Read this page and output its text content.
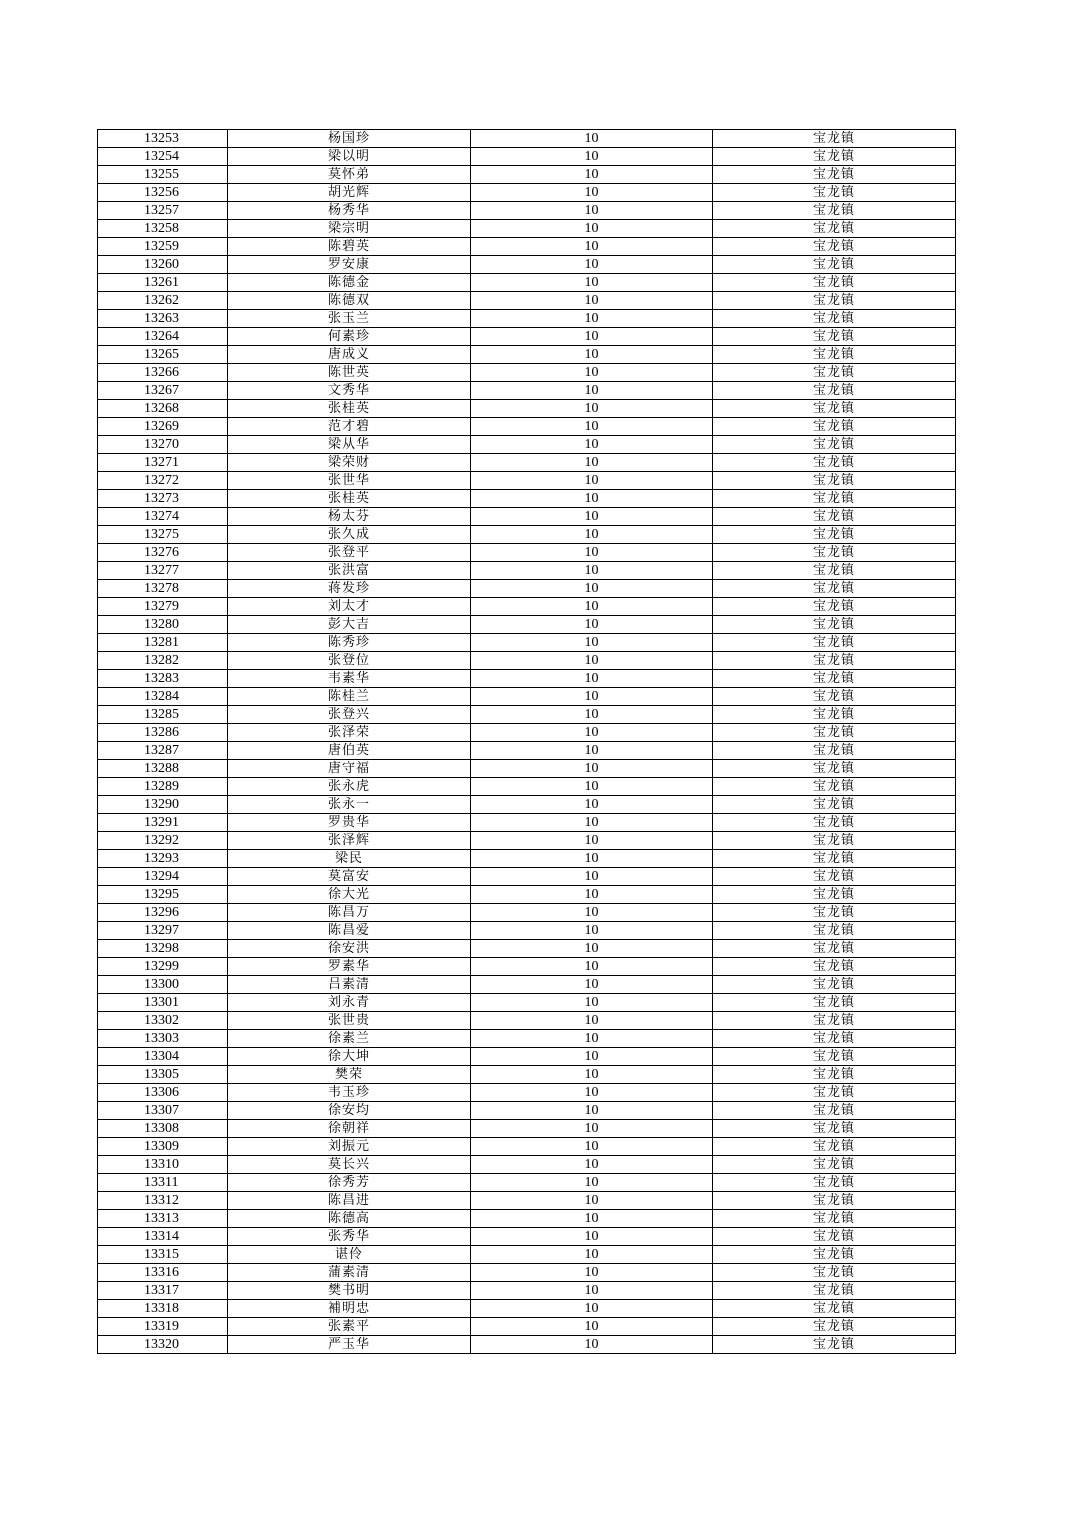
13253	杨国珍	10	宝龙镇
13254	梁以明	10	宝龙镇
13255	莫怀弟	10	宝龙镇
13256	胡光辉	10	宝龙镇
13257	杨秀华	10	宝龙镇
13258	梁宗明	10	宝龙镇
13259	陈碧英	10	宝龙镇
13260	罗安康	10	宝龙镇
13261	陈德金	10	宝龙镇
13262	陈德双	10	宝龙镇
13263	张玉兰	10	宝龙镇
13264	何素珍	10	宝龙镇
13265	唐成义	10	宝龙镇
13266	陈世英	10	宝龙镇
13267	文秀华	10	宝龙镇
13268	张桂英	10	宝龙镇
13269	范才碧	10	宝龙镇
13270	梁从华	10	宝龙镇
13271	梁荣财	10	宝龙镇
13272	张世华	10	宝龙镇
13273	张桂英	10	宝龙镇
13274	杨太芬	10	宝龙镇
13275	张久成	10	宝龙镇
13276	张登平	10	宝龙镇
13277	张洪富	10	宝龙镇
13278	蒋发珍	10	宝龙镇
13279	刘太才	10	宝龙镇
13280	彭大吉	10	宝龙镇
13281	陈秀珍	10	宝龙镇
13282	张登位	10	宝龙镇
13283	韦素华	10	宝龙镇
13284	陈桂兰	10	宝龙镇
13285	张登兴	10	宝龙镇
13286	张泽荣	10	宝龙镇
13287	唐伯英	10	宝龙镇
13288	唐守福	10	宝龙镇
13289	张永虎	10	宝龙镇
13290	张永一	10	宝龙镇
13291	罗贵华	10	宝龙镇
13292	张泽辉	10	宝龙镇
13293	梁民	10	宝龙镇
13294	莫富安	10	宝龙镇
13295	徐大光	10	宝龙镇
13296	陈昌万	10	宝龙镇
13297	陈昌爱	10	宝龙镇
13298	徐安洪	10	宝龙镇
13299	罗素华	10	宝龙镇
13300	吕素清	10	宝龙镇
13301	刘永青	10	宝龙镇
13302	张世贵	10	宝龙镇
13303	徐素兰	10	宝龙镇
13304	徐大坤	10	宝龙镇
13305	樊荣	10	宝龙镇
13306	韦玉珍	10	宝龙镇
13307	徐安均	10	宝龙镇
13308	徐朝祥	10	宝龙镇
13309	刘振元	10	宝龙镇
13310	莫长兴	10	宝龙镇
13311	徐秀芳	10	宝龙镇
13312	陈昌进	10	宝龙镇
13313	陈德高	10	宝龙镇
13314	张秀华	10	宝龙镇
13315	谌伶	10	宝龙镇
13316	蒲素清	10	宝龙镇
13317	樊书明	10	宝龙镇
13318	補明忠	10	宝龙镇
13319	张素平	10	宝龙镇
13320	严玉华	10	宝龙镇
